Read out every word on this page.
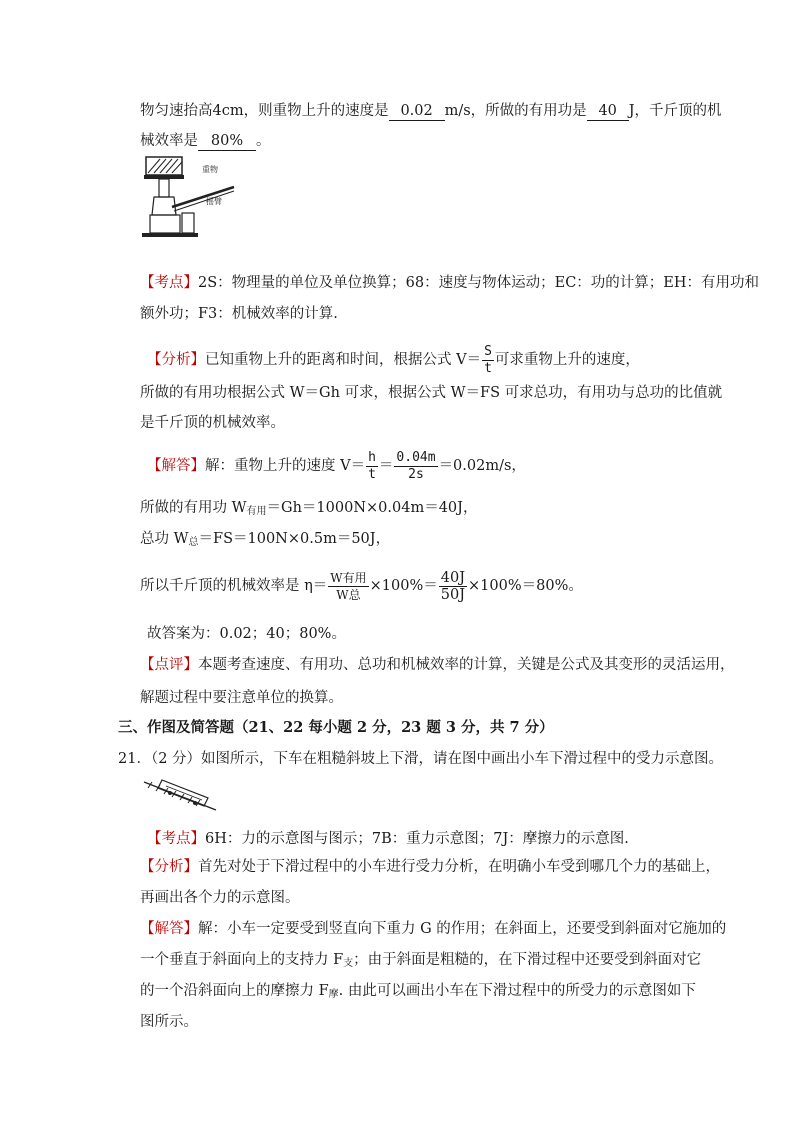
物匀速抬高4cm，则重物上升的速度是 0.02 m/s，所做的有用功是 40 J，千斤顶的机
械效率是 80% 。
重物
摇臂
【考点】2S：物理量的单位及单位换算；68：速度与物体运动；EC：功的计算；EH：有用功和
额外功；F3：机械效率的计算.
【分析】已知重物上升的距离和时间，根据公式 $V= \frac{S}{t}$ 可求重物上升的速度，
所做的有用功根据公式 W＝Gh 可求，根据公式 W＝FS 可求总功，有用功与总功的比值就
是千斤顶的机械效率。
【解答】解：重物上升的速度 $V= \frac{h}{t} = \frac{0.04m}{2s} =0.02m/s$，
所做的有用功 $W_{有用}=Gh=1000N\times 0.04m=40J$，
总功 $W_总=FS=100N\times 0.5m=50J$，
所以千斤顶的机械效率是 $\eta= \frac{\text{W有用}}{\text{W总}} \times 100\%= \frac{40J}{50J} \times 100\%=80\%$。
故答案为：0.02；40；80%。
【点评】本题考查速度、有用功、总功和机械效率的计算，关键是公式及其变形的灵活运用，
解题过程中要注意单位的换算。
三、作图及简答题（21、22 每小题 2 分，23 题 3 分，共 7 分）
21．（2 分）如图所示，下车在粗糙斜坡上下滑，请在图中画出小车下滑过程中的受力示意图。
【考点】6H：力的示意图与图示；7B：重力示意图；7J：摩擦力的示意图.
【分析】首先对处于下滑过程中的小车进行受力分析，在明确小车受到哪几个力的基础上，
再画出各个力的示意图。
【解答】解：小车一定要受到竖直向下重力 G 的作用；在斜面上，还要受到斜面对它施加的
一个垂直于斜面向上的支持力 $F_支$；由于斜面是粗糙的，在下滑过程中还要受到斜面对它
的一个沿斜面向上的摩擦力 $F_摩$. 由此可以画出小车在下滑过程中的所受力的示意图如下
图所示。
